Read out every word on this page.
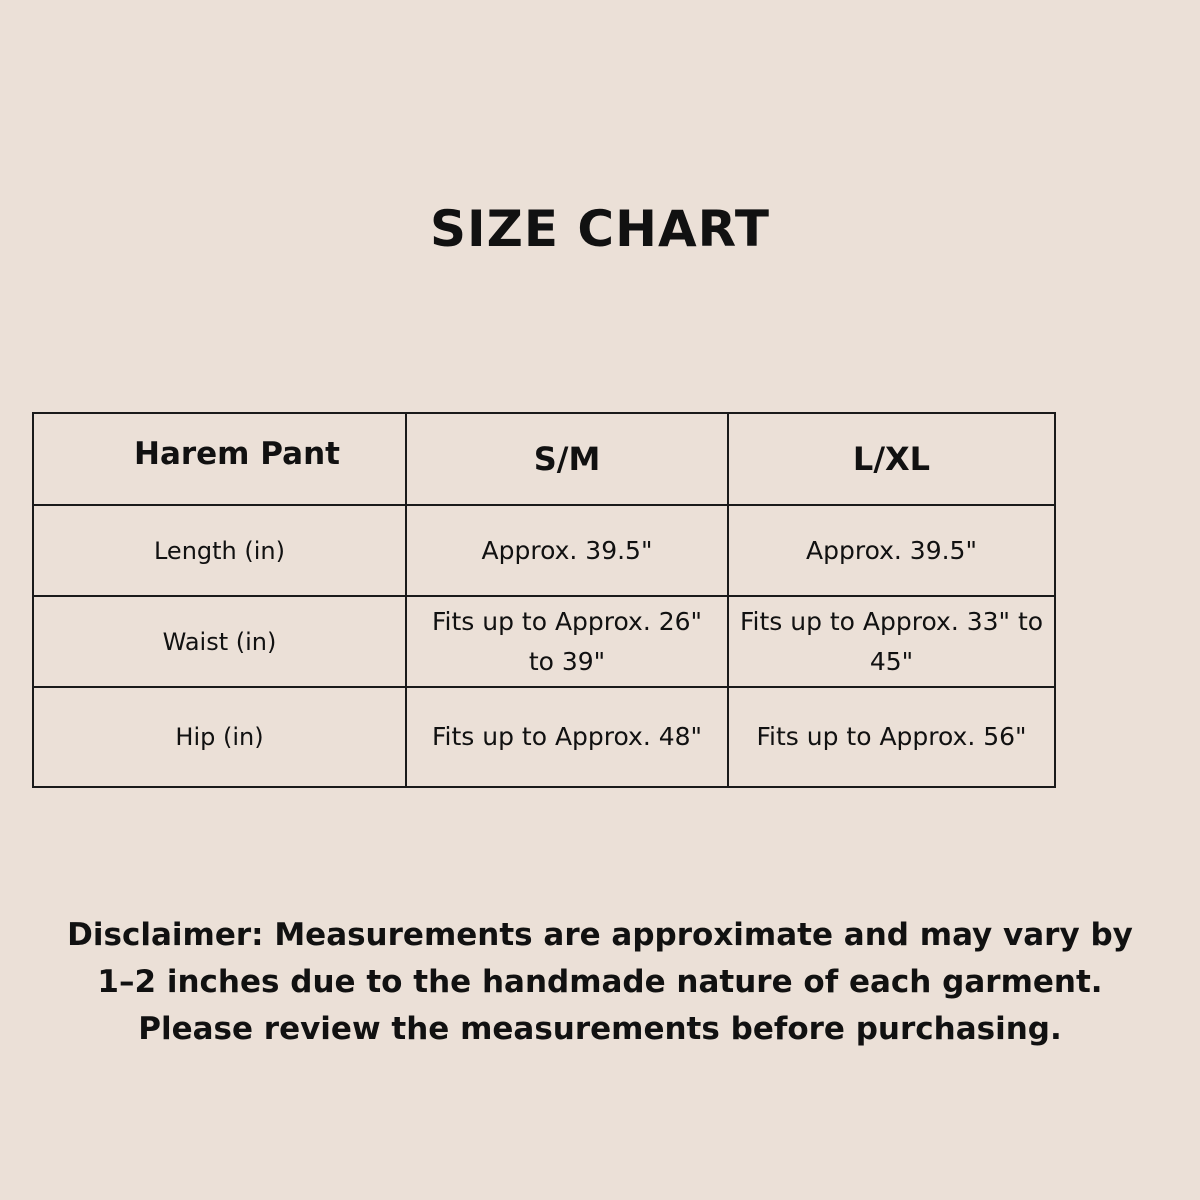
SIZE CHART
Harem Pant	S/M	L/XL
Length (in)	Approx. 39.5"	Approx. 39.5"
Waist (in)	Fits up to Approx. 26" to 39"	Fits up to Approx. 33" to 45"
Hip (in)	Fits up to Approx. 48"	Fits up to Approx. 56"
Disclaimer: Measurements are approximate and may vary by
1–2 inches due to the handmade nature of each garment.
Please review the measurements before purchasing.
